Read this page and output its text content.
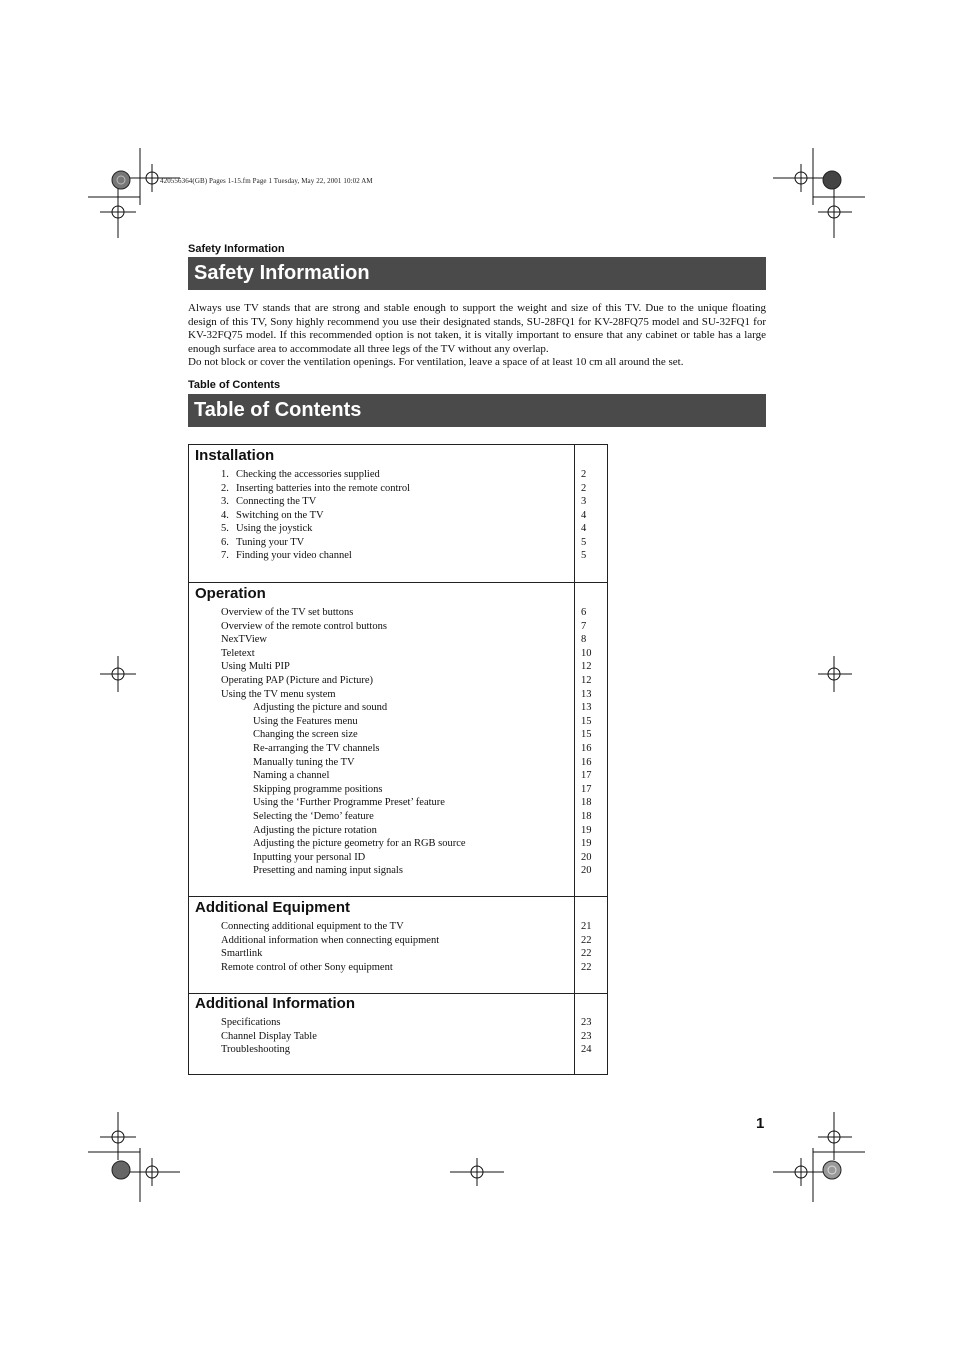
420556364(GB) Pages 1-15.fm Page 1 Tuesday, May 22, 2001 10:02 AM
Safety Information
Safety Information

Always use TV stands that are strong and stable enough to support the weight and size of this TV. Due to the unique floating design of this TV, Sony highly recommend you use their designated stands, SU-28FQ1 for KV-28FQ75 model and SU-32FQ1 for KV-32FQ75 model. If this recommended option is not taken, it is vitally important to ensure that any cabinet or table has a large enough surface area to accommodate all three legs of the TV without any overlap.

Do not block or cover the ventilation openings. For ventilation, leave a space of at least 10 cm all around the set.

Table of Contents
Table of Contents
Installation
1. Checking the accessories supplied	2
2. Inserting batteries into the remote control	2
3. Connecting the TV	3
4. Switching on the TV	4
5. Using the joystick	4
6. Tuning your TV	5
7. Finding your video channel	5
Operation
Overview of the TV set buttons	6
Overview of the remote control buttons	7
NexTView	8
Teletext	10
Using Multi PIP	12
Operating PAP (Picture and Picture)	12
Using the TV menu system	13
Adjusting the picture and sound	13
Using the Features menu	15
Changing the screen size	15
Re-arranging the TV channels	16
Manually tuning the TV	16
Naming a channel	17
Skipping programme positions	17
Using the ‘Further Programme Preset’ feature	18
Selecting the ‘Demo’ feature	18
Adjusting the picture rotation	19
Adjusting the picture geometry for an RGB source	19
Inputting your personal ID	20
Presetting and naming input signals	20
Additional Equipment
Connecting additional equipment to the TV	21
Additional information when connecting equipment	22
Smartlink	22
Remote control of other Sony equipment	22
Additional Information
Specifications	23
Channel Display Table	23
Troubleshooting	24
1
